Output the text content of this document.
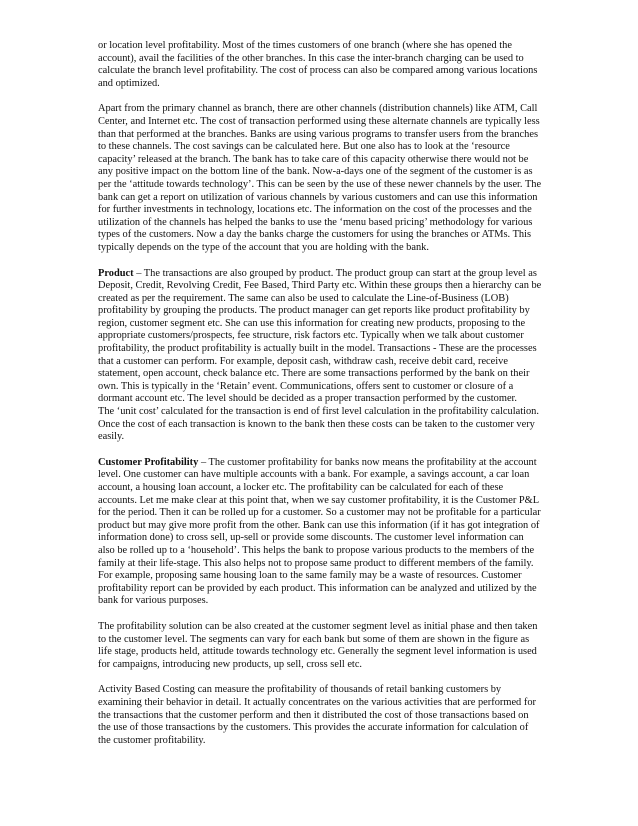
or location level profitability. Most of the times customers of one branch (where she has opened the account), avail the facilities of the other branches. In this case the inter-branch charging can be used to calculate the branch level profitability. The cost of process can also be compared among various locations and optimized.

Apart from the primary channel as branch, there are other channels (distribution channels) like ATM, Call Center, and Internet etc. The cost of transaction performed using these alternate channels are typically less than that performed at the branches. Banks are using various programs to transfer users from the branches to these channels. The cost savings can be calculated here. But one also has to look at the ‘resource capacity’ released at the branch. The bank has to take care of this capacity otherwise there would not be any positive impact on the bottom line of the bank. Now-a-days one of the segment of the customer is as per the ‘attitude towards technology’. This can be seen by the use of these newer channels by the user. The bank can get a report on utilization of various channels by various customers and can use this information for further investments in technology, locations etc. The information on the cost of the processes and the utilization of the channels has helped the banks to use the ‘menu based pricing’ methodology for various types of the customers. Now a day the banks charge the customers for using the branches or ATMs. This typically depends on the type of the account that you are holding with the bank.

Product – The transactions are also grouped by product. The product group can start at the group level as Deposit, Credit, Revolving Credit, Fee Based, Third Party etc. Within these groups then a hierarchy can be created as per the requirement. The same can also be used to calculate the Line-of-Business (LOB) profitability by grouping the products. The product manager can get reports like product profitability by region, customer segment etc. She can use this information for creating new products, proposing to the appropriate customers/prospects, fee structure, risk factors etc. Typically when we talk about customer profitability, the product profitability is actually built in the model. Transactions - These are the processes that a customer can perform. For example, deposit cash, withdraw cash, receive debit card, receive statement, open account, check balance etc. There are some transactions performed by the bank on their own. This is typically in the ‘Retain’ event. Communications, offers sent to customer or closure of a dormant account etc. The level should be decided as a proper transaction performed by the customer.

The ‘unit cost’ calculated for the transaction is end of first level calculation in the profitability calculation. Once the cost of each transaction is known to the bank then these costs can be taken to the customer very easily.

Customer Profitability – The customer profitability for banks now means the profitability at the account level. One customer can have multiple accounts with a bank. For example, a savings account, a car loan account, a housing loan account, a locker etc. The profitability can be calculated for each of these accounts. Let me make clear at this point that, when we say customer profitability, it is the Customer P&L for the period. Then it can be rolled up for a customer. So a customer may not be profitable for a particular product but may give more profit from the other. Bank can use this information (if it has got integration of information done) to cross sell, up-sell or provide some discounts. The customer level information can also be rolled up to a ‘household’. This helps the bank to propose various products to the members of the family at their life-stage. This also helps not to propose same product to different members of the family. For example, proposing same housing loan to the same family may be a waste of resources. Customer profitability report can be provided by each product. This information can be analyzed and utilized by the bank for various purposes.

The profitability solution can be also created at the customer segment level as initial phase and then taken to the customer level. The segments can vary for each bank but some of them are shown in the figure as life stage, products held, attitude towards technology etc. Generally the segment level information is used for campaigns, introducing new products, up sell, cross sell etc.

Activity Based Costing can measure the profitability of thousands of retail banking customers by examining their behavior in detail. It actually concentrates on the various activities that are performed for the transactions that the customer perform and then it distributed the cost of those transactions based on the use of those transactions by the customers. This provides the accurate information for calculation of the customer profitability.
